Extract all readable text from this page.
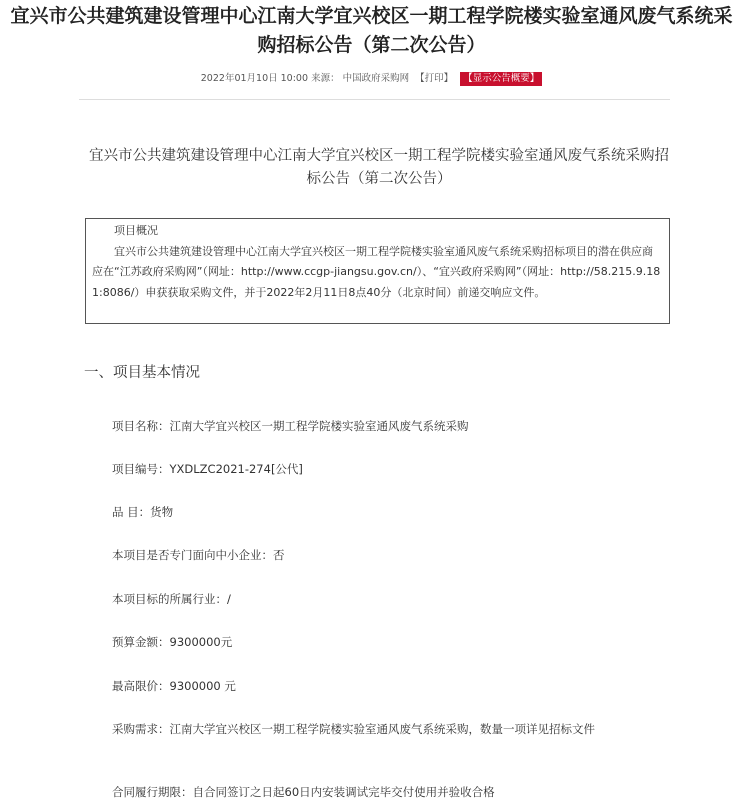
宜兴市公共建筑建设管理中心江南大学宜兴校区一期工程学院楼实验室通风废气系统采购招标公告（第二次公告）
2022年01月10日 10:00 来源： 中国政府采购网 【打印】 【显示公告概要】
宜兴市公共建筑建设管理中心江南大学宜兴校区一期工程学院楼实验室通风废气系统采购招标公告（第二次公告）

项目概况

宜兴市公共建筑建设管理中心江南大学宜兴校区一期工程学院楼实验室通风废气系统采购招标项目的潜在供应商应在“江苏政府采购网”（网址：http://www.ccgp-jiangsu.gov.cn/）、“宜兴政府采购网”（网址：http://58.215.9.181:8086/）申获获取采购文件，并于2022年2月11日8点40分（北京时间）前递交响应文件。

一、项目基本情况

项目名称：江南大学宜兴校区一期工程学院楼实验室通风废气系统采购

项目编号：YXDLZC2021-274[公代]

品 目：货物

本项目是否专门面向中小企业：否

本项目标的所属行业：/

预算金额：9300000元

最高限价：9300000 元

采购需求：江南大学宜兴校区一期工程学院楼实验室通风废气系统采购，数量一项详见招标文件

合同履行期限：自合同签订之日起60日内安装调试完毕交付使用并验收合格
